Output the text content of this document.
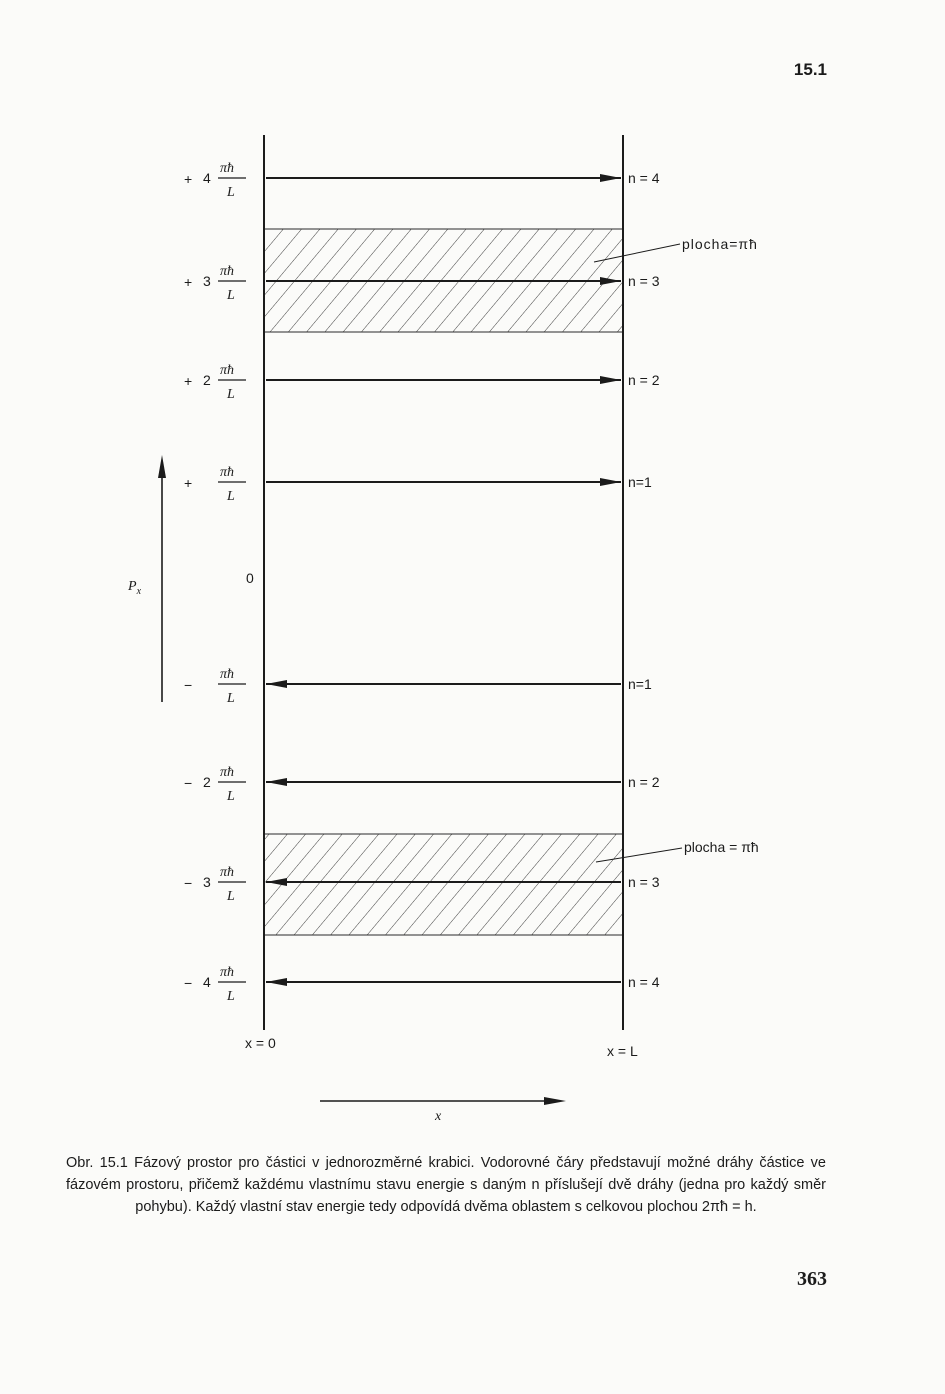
15.1
+ 4
πħ
L
n = 4
+ 3
πħ
L
n = 3
+ 2
πħ
L
n = 2
+
πħ
L
n=1
−
πħ
L
n=1
− 2
πħ
L
n = 2
− 3
πħ
L
n = 3
− 4
πħ
L
n = 4
0
$P_x$
plocha=πħ
plocha = πħ
x = 0	x = L
x
Obr. 15.1 Fázový prostor pro částici v jednorozměrné krabici. Vodorovné čáry představují možné dráhy částice ve fázovém prostoru, přičemž každému vlastnímu stavu energie s daným n příslušejí dvě dráhy (jedna pro každý směr pohybu). Každý vlastní stav energie tedy odpovídá dvěma oblastem s celkovou plochou 2πħ = h.
363
